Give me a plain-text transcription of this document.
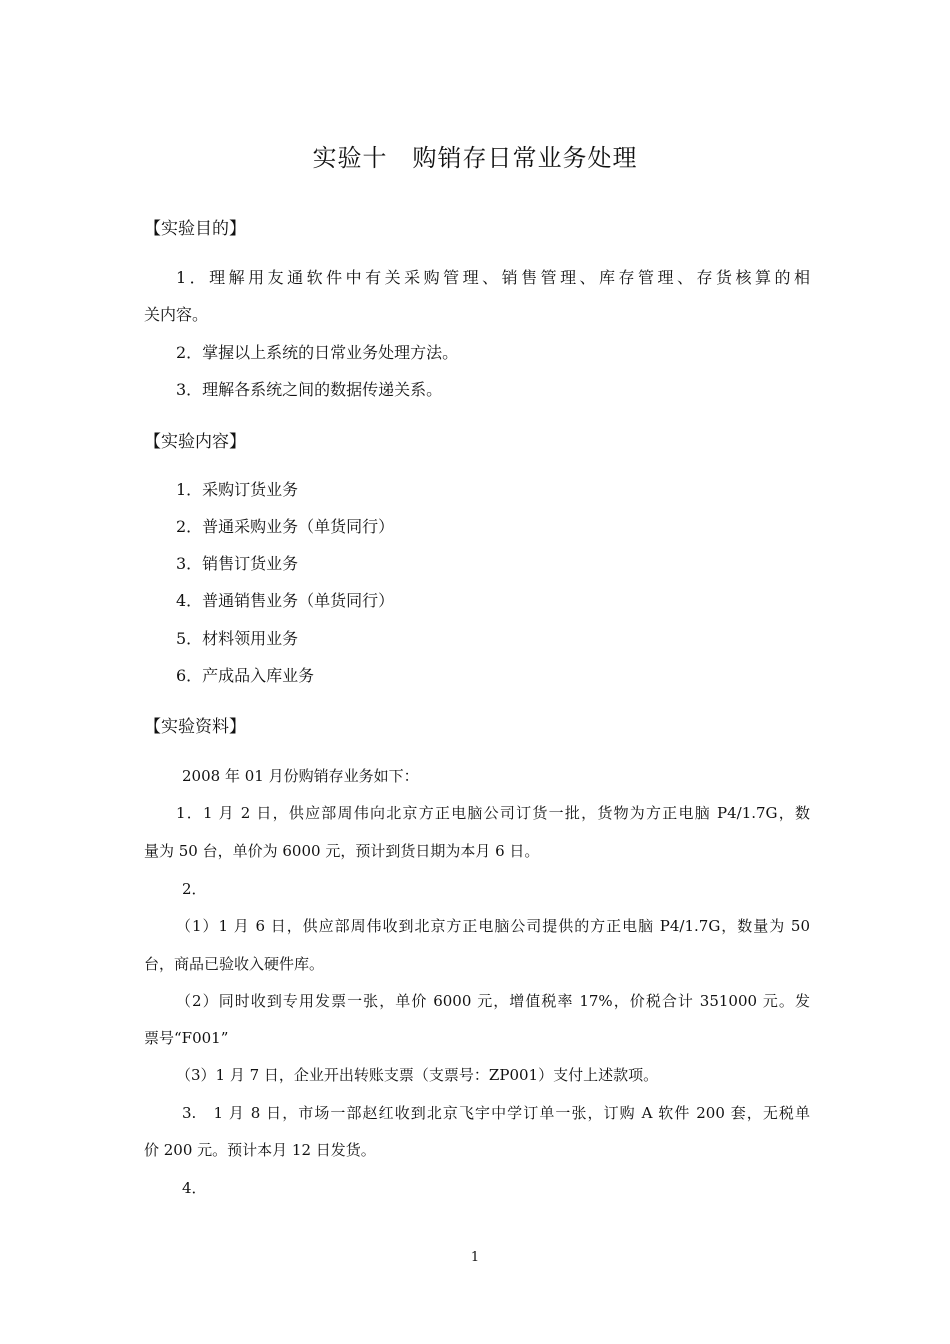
实验十　购销存日常业务处理
【实验目的】
1．理解用友通软件中有关采购管理、销售管理、库存管理、存货核算的相
关内容。
2．掌握以上系统的日常业务处理方法。
3．理解各系统之间的数据传递关系。
【实验内容】
1．采购订货业务
2．普通采购业务（单货同行）
3．销售订货业务
4．普通销售业务（单货同行）
5．材料领用业务
6．产成品入库业务
【实验资料】
2008 年 01 月份购销存业务如下：
1．1 月 2 日，供应部周伟向北京方正电脑公司订货一批，货物为方正电脑 P4/1.7G，数
量为 50 台，单价为 6000 元，预计到货日期为本月 6 日。
2．
（1）1 月 6 日，供应部周伟收到北京方正电脑公司提供的方正电脑 P4/1.7G，数量为 50
台，商品已验收入硬件库。
（2）同时收到专用发票一张，单价 6000 元，增值税率 17%，价税合计 351000 元。发
票号“F001”
（3）1 月 7 日，企业开出转账支票（支票号：ZP001）支付上述款项。
3.　1 月 8 日，市场一部赵红收到北京飞宇中学订单一张，订购 A 软件 200 套，无税单
价 200 元。预计本月 12 日发货。
4．
1
